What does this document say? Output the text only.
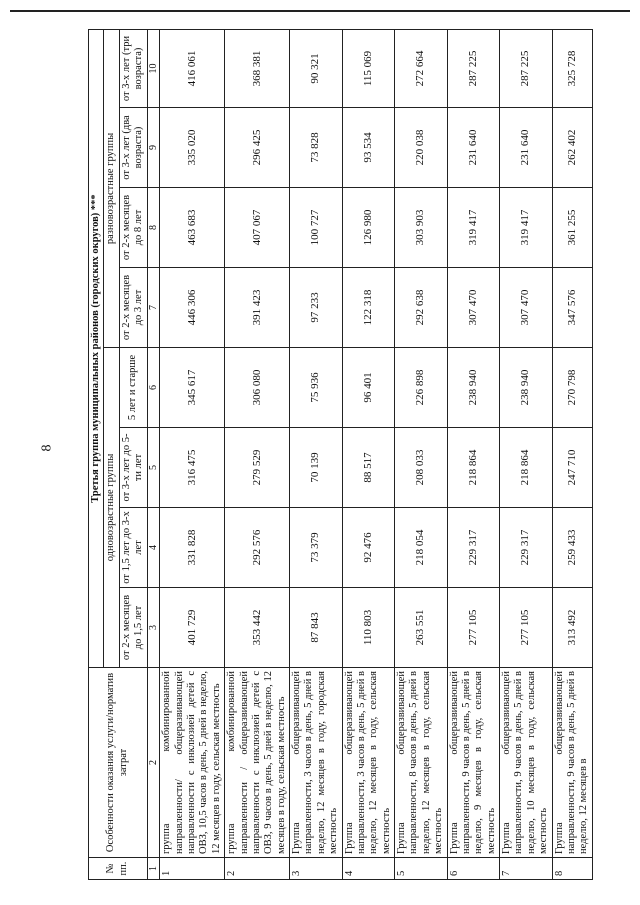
8
№ пп.	Особенности оказания услуги/норматив затрат	Третья группа муниципальных районов (городских округов) ***							
		одновозрастные группы				разновозрастные группы			
		от 2-х месяцев до 1,5 лет	от 1,5 лет до 3-х лет	от 3-х лет до 5-ти лет	5 лет и старше	от 2-х месяцев до 3 лет	от 2-х месяцев до 8 лет	от 3-х лет (два возраста)	от 3-х лет (три возраста)
1	2	3	4	5	6	7	8	9	10
1	группа комбинированной направленности/ общеразвивающей направленности с инклюзией детей с ОВЗ, 10,5 часов в день, 5 дней в неделю, 12 месяцев в году, сельская местность	401 729	331 828	316 475	345 617	446 306	463 683	335 020	416 061
2	группа комбинированной направленности / общеразвивающей направленности с инклюзией детей с ОВЗ, 9 часов в день, 5 дней в неделю, 12 месяцев в году, сельская местность	353 442	292 576	279 529	306 080	391 423	407 067	296 425	368 381
3	Группа общеразвивающей направленности, 3 часов в день, 5 дней в неделю, 12 месяцев в году, городская местность	87 843	73 379	70 139	75 936	97 233	100 727	73 828	90 321
4	Группа общеразвивающей направленности, 3 часов в день, 5 дней в неделю, 12 месяцев в году, сельская местность	110 803	92 476	88 517	96 401	122 318	126 980	93 534	115 069
5	Группа общеразвивающей направленности, 8 часов в день, 5 дней в неделю, 12 месяцев в году, сельская местность	263 551	218 054	208 033	226 898	292 638	303 903	220 038	272 664
6	Группа общеразвивающей направленности, 9 часов в день, 5 дней в неделю, 9 месяцев в году, сельская местность	277 105	229 317	218 864	238 940	307 470	319 417	231 640	287 225
7	Группа общеразвивающей направленности, 9 часов в день, 5 дней в неделю, 10 месяцев в году, сельская местность	277 105	229 317	218 864	238 940	307 470	319 417	231 640	287 225
8	Группа общеразвивающей направленности, 9 часов в день, 5 дней в неделю, 12 месяцев в	313 492	259 433	247 710	270 798	347 576	361 255	262 402	325 728
